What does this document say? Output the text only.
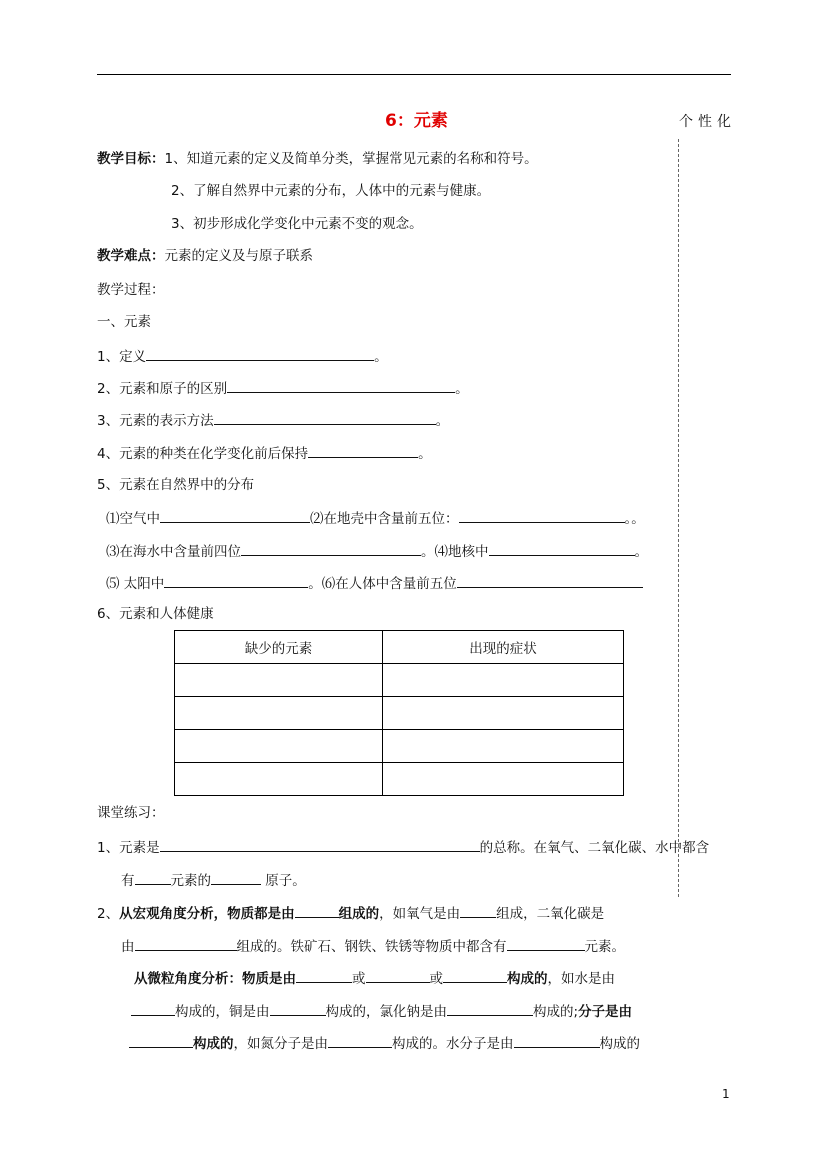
6：元素	个性化
教学目标：1、知道元素的定义及简单分类，掌握常见元素的名称和符号。
2、了解自然界中元素的分布，人体中的元素与健康。
3、初步形成化学变化中元素不变的观念。
教学难点：元素的定义及与原子联系
教学过程：
一、元素
1、定义	。
2、元素和原子的区别	。
3、元素的表示方法	。
4、元素的种类在化学变化前后保持	。
5、元素在自然界中的分布
⑴空气中	⑵在地壳中含量前五位：	。。
⑶在海水中含量前四位	。⑷地核中	。
⑸ 太阳中	。⑹在人体中含量前五位
6、元素和人体健康
缺少的元素	出现的症状

课堂练习：
1、元素是	的总称。在氧气、二氧化碳、水中都含
有	元素的	原子。
2、从宏观角度分析，物质都是由	组成的，如氧气是由	组成，二氧化碳是
由	组成的。铁矿石、钢铁、铁锈等物质中都含有	元素。
从微粒角度分析：物质是由	或	或	构成的，如水是由
构成的，铜是由	构成的，氯化钠是由	构成的;分子是由
构成的，如氮分子是由	构成的。水分子是由	构成的
1
